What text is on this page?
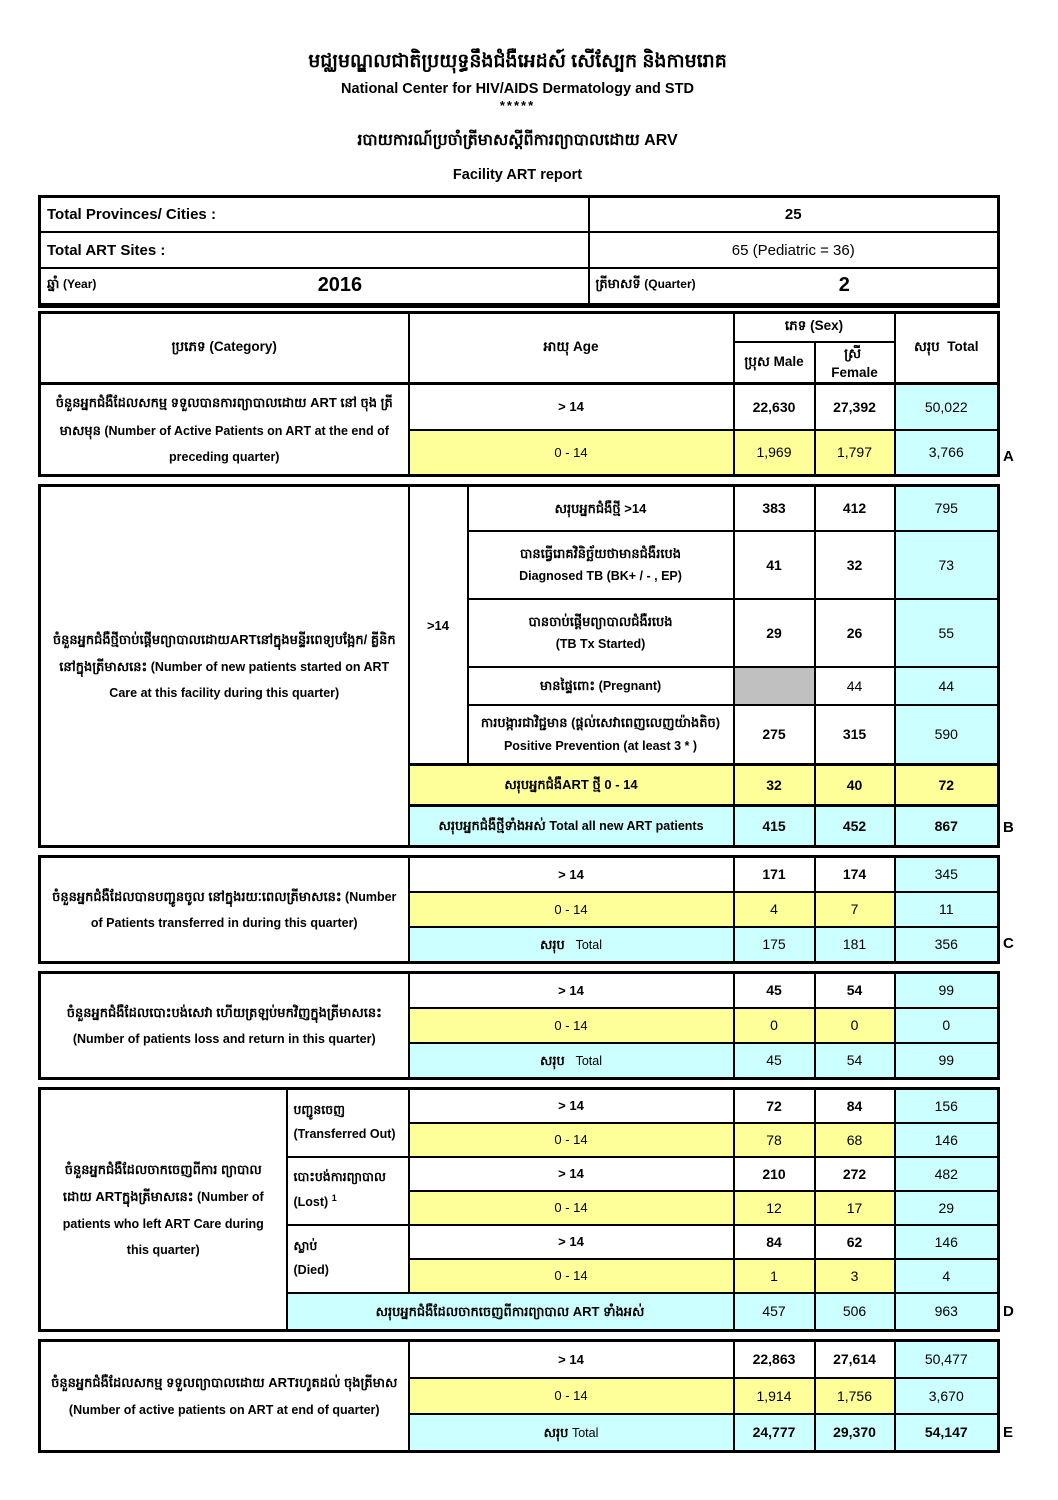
មជ្ឈមណ្ឌលជាតិប្រយុទ្ធនឹងជំងឺអេដស៍ សើស្បែក និងកាមរោគ
National Center for HIV/AIDS Dermatology and STD
*****
របាយការណ៍ប្រចាំត្រីមាសស្តីពីការព្យាបាលដោយ ARV
Facility ART report
Total Provinces/ Cities :	25
Total ART Sites :	65 (Pediatric = 36)

ឆ្នាំ (Year) 2016	ត្រីមាសទី (Quarter) 2
ប្រភេទ (Category)	អាយុ Age	ភេទ (Sex)		សរុប Total
		ប្រុស Male	ស្រី  Female	
ចំនួនអ្នកជំងឺដែលសកម្ម ទទួលបានការព្យាបាលដោយ ART នៅ ចុង ត្រីមាសមុន (Number of Active Patients on ART at the end of preceding quarter)	> 14	22,630	27,392	50,022
	0 - 14	1,969	1,797	3,766	A
ចំនួនអ្នកជំងឺថ្មីចាប់ផ្តើមព្យាបាលដោយARTនៅក្នុងមន្ទីរពេទ្យបង្អែក/ គ្លីនិក នៅក្នុងត្រីមាសនេះ (Number of new patients started on ART Care at this facility during this quarter)	>14	សរុបអ្នកជំងឺថ្មី >14	383	412	795

		បានធ្វើរោគវិនិច្ឆ័យថាមានជំងឺរបេង
Diagnosed TB (BK+ / - , EP)	41	32	73

		បានចាប់ផ្តើមព្យាបាលជំងឺរបេង
(TB Tx Started)	29	26	55
		មានផ្ទៃពោះ (Pregnant)		44	44

		ការបង្ការជាវិជ្ជមាន (ផ្តល់សេវាពេញលេញយ៉ាងតិច)
Positive Prevention (at least 3 * )	275	315	590
	សរុបអ្នកជំងឺART ថ្មី 0 - 14		32	40	72
	សរុបអ្នកជំងឺថ្មីទាំងអស់ Total all new ART patients		415	452	867	B
ចំនួនអ្នកជំងឺដែលបានបញ្ជូនចូល នៅក្នុងរយៈពេលត្រីមាសនេះ (Number of Patients transferred in during this quarter)	> 14	171	174	345
	0 - 14	4	7	11
	សរុប Total	175	181	356	C
ចំនួនអ្នកជំងឺដែលបោះបង់សេវា ហើយត្រឡប់មកវិញក្នុងត្រីមាសនេះ (Number of patients loss and return in this quarter)	> 14	45	54	99
	0 - 14	0	0	0
	សរុប Total	45	54	99
ចំនួនអ្នកជំងឺដែលចាកចេញពីការ ព្យាបាល ដោយ ARTក្នុងត្រីមាសនេះ (Number of patients who left ART Care during this quarter)	បញ្ជូនចេញ
(Transferred Out)	> 14	72	84	156
		0 - 14	78	68	146

	បោះបង់ការព្យាបាល
(Lost) $^1$	> 14	210	272	482
		0 - 14	12	17	29

	ស្លាប់
(Died)	> 14	84	62	146
		0 - 14	1	3	4
	សរុបអ្នកជំងឺដែលចាកចេញពីការព្យាបាល ART ទាំងអស់		457	506	963	D
ចំនួនអ្នកជំងឺដែលសកម្ម ទទួលព្យាបាលដោយ ARTរហូតដល់ ចុងត្រីមាស (Number of active patients on ART at end of quarter)	> 14	22,863	27,614	50,477
	0 - 14	1,914	1,756	3,670
	សរុប Total	24,777	29,370	54,147 E
